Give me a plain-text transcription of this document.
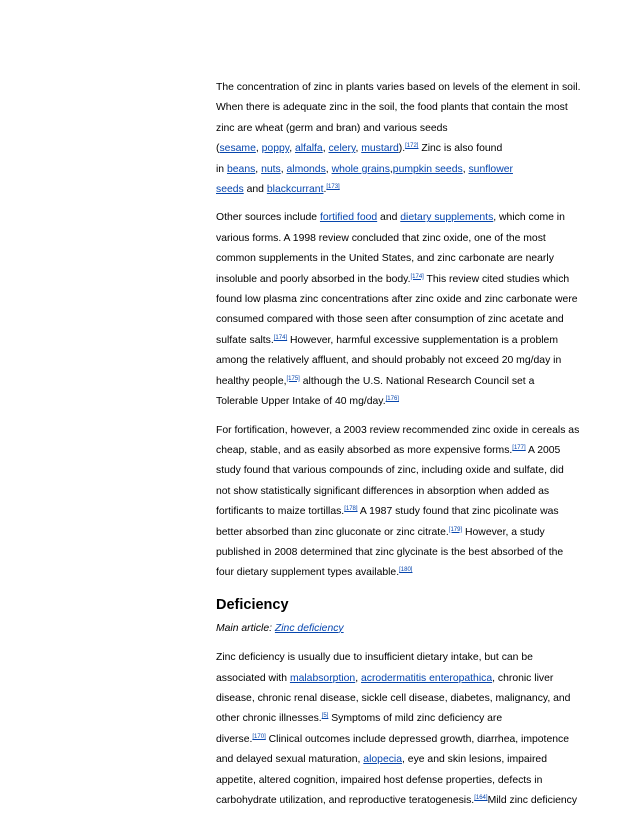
The concentration of zinc in plants varies based on levels of the element in soil.
When there is adequate zinc in the soil, the food plants that contain the most
zinc are wheat (germ and bran) and various seeds
(sesame, poppy, alfalfa, celery, mustard).[172] Zinc is also found
in beans, nuts, almonds, whole grains,pumpkin seeds, sunflower
seeds and blackcurrant.[173]
Other sources include fortified food and dietary supplements, which come in
various forms. A 1998 review concluded that zinc oxide, one of the most
common supplements in the United States, and zinc carbonate are nearly
insoluble and poorly absorbed in the body.[174] This review cited studies which
found low plasma zinc concentrations after zinc oxide and zinc carbonate were
consumed compared with those seen after consumption of zinc acetate and
sulfate salts.[174] However, harmful excessive supplementation is a problem
among the relatively affluent, and should probably not exceed 20 mg/day in
healthy people,[175] although the U.S. National Research Council set a
Tolerable Upper Intake of 40 mg/day.[176]
For fortification, however, a 2003 review recommended zinc oxide in cereals as
cheap, stable, and as easily absorbed as more expensive forms.[177] A 2005
study found that various compounds of zinc, including oxide and sulfate, did
not show statistically significant differences in absorption when added as
fortificants to maize tortillas.[178] A 1987 study found that zinc picolinate was
better absorbed than zinc gluconate or zinc citrate.[179] However, a study
published in 2008 determined that zinc glycinate is the best absorbed of the
four dietary supplement types available.[180]
Deficiency
Main article: Zinc deficiency
Zinc deficiency is usually due to insufficient dietary intake, but can be
associated with malabsorption, acrodermatitis enteropathica, chronic liver
disease, chronic renal disease, sickle cell disease, diabetes, malignancy, and
other chronic illnesses.[5] Symptoms of mild zinc deficiency are
diverse.[170] Clinical outcomes include depressed growth, diarrhea, impotence
and delayed sexual maturation, alopecia, eye and skin lesions, impaired
appetite, altered cognition, impaired host defense properties, defects in
carbohydrate utilization, and reproductive teratogenesis.[164]Mild zinc deficiency
